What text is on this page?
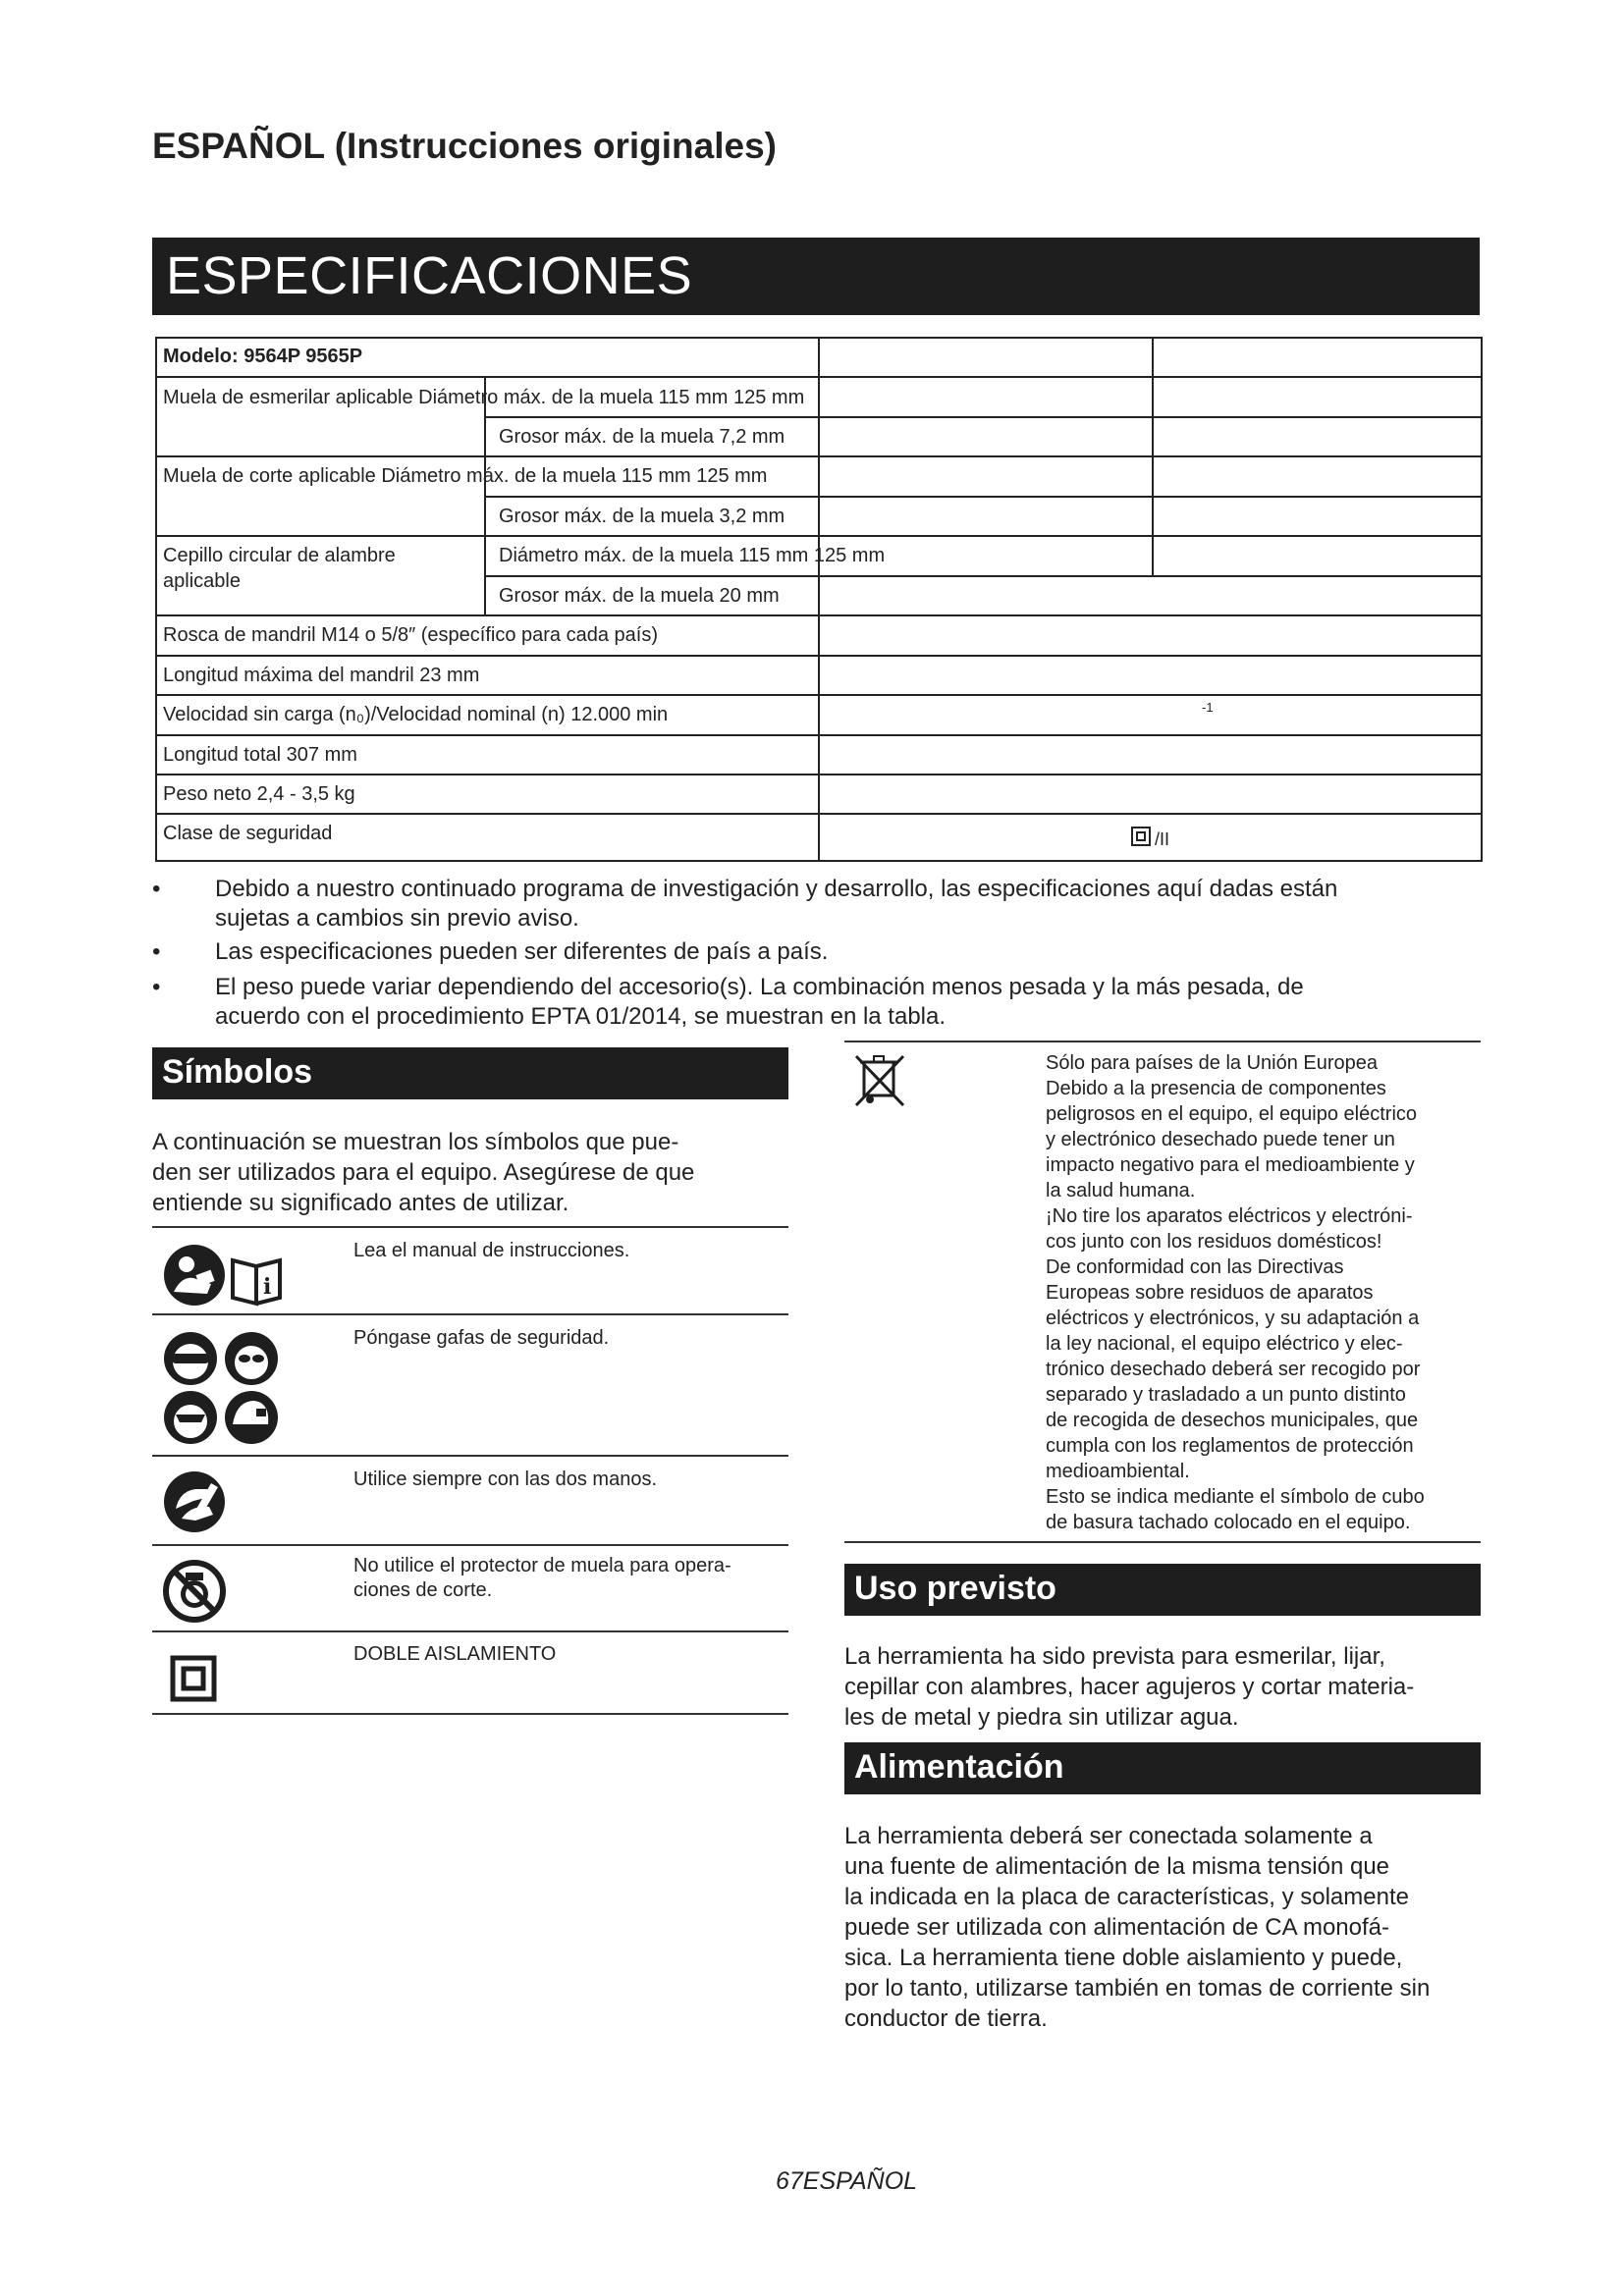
ESPAÑOL (Instrucciones originales)
ESPECIFICACIONES
Modelo: 9564P 9565P
Muela de esmerilar aplicable Diámetro máx. de la muela 115 mm 125 mm
Grosor máx. de la muela 7,2 mm
Muela de corte aplicable Diámetro máx. de la muela 115 mm 125 mm
Grosor máx. de la muela 3,2 mm
Cepillo circular de alambre
aplicable
Diámetro máx. de la muela 115 mm 125 mm
Grosor máx. de la muela 20 mm
Rosca de mandril M14 o 5/8″ (específico para cada país)
Longitud máxima del mandril 23 mm
Velocidad sin carga (n₀)/Velocidad nominal (n) 12.000 min	-1
Longitud total 307 mm
Peso neto 2,4 - 3,5 kg
Clase de seguridad	/II
• Debido a nuestro continuado programa de investigación y desarrollo, las especificaciones aquí dadas están
sujetas a cambios sin previo aviso.
• Las especificaciones pueden ser diferentes de país a país.
• El peso puede variar dependiendo del accesorio(s). La combinación menos pesada y la más pesada, de
acuerdo con el procedimiento EPTA 01/2014, se muestran en la tabla.
Símbolos
A continuación se muestran los símbolos que pue-
den ser utilizados para el equipo. Asegúrese de que
entiende su significado antes de utilizar.
i
Lea el manual de instrucciones.
Póngase gafas de seguridad.
Utilice siempre con las dos manos.
No utilice el protector de muela para opera-
ciones de corte.
DOBLE AISLAMIENTO
Sólo para países de la Unión Europea
Debido a la presencia de componentes
peligrosos en el equipo, el equipo eléctrico
y electrónico desechado puede tener un
impacto negativo para el medioambiente y
la salud humana.
¡No tire los aparatos eléctricos y electróni-
cos junto con los residuos domésticos!
De conformidad con las Directivas
Europeas sobre residuos de aparatos
eléctricos y electrónicos, y su adaptación a
la ley nacional, el equipo eléctrico y elec-
trónico desechado deberá ser recogido por
separado y trasladado a un punto distinto
de recogida de desechos municipales, que
cumpla con los reglamentos de protección
medioambiental.
Esto se indica mediante el símbolo de cubo
de basura tachado colocado en el equipo.
Uso previsto
La herramienta ha sido prevista para esmerilar, lijar,
cepillar con alambres, hacer agujeros y cortar materia-
les de metal y piedra sin utilizar agua.
Alimentación
La herramienta deberá ser conectada solamente a
una fuente de alimentación de la misma tensión que
la indicada en la placa de características, y solamente
puede ser utilizada con alimentación de CA monofá-
sica. La herramienta tiene doble aislamiento y puede,
por lo tanto, utilizarse también en tomas de corriente sin
conductor de tierra.
67ESPAÑOL
